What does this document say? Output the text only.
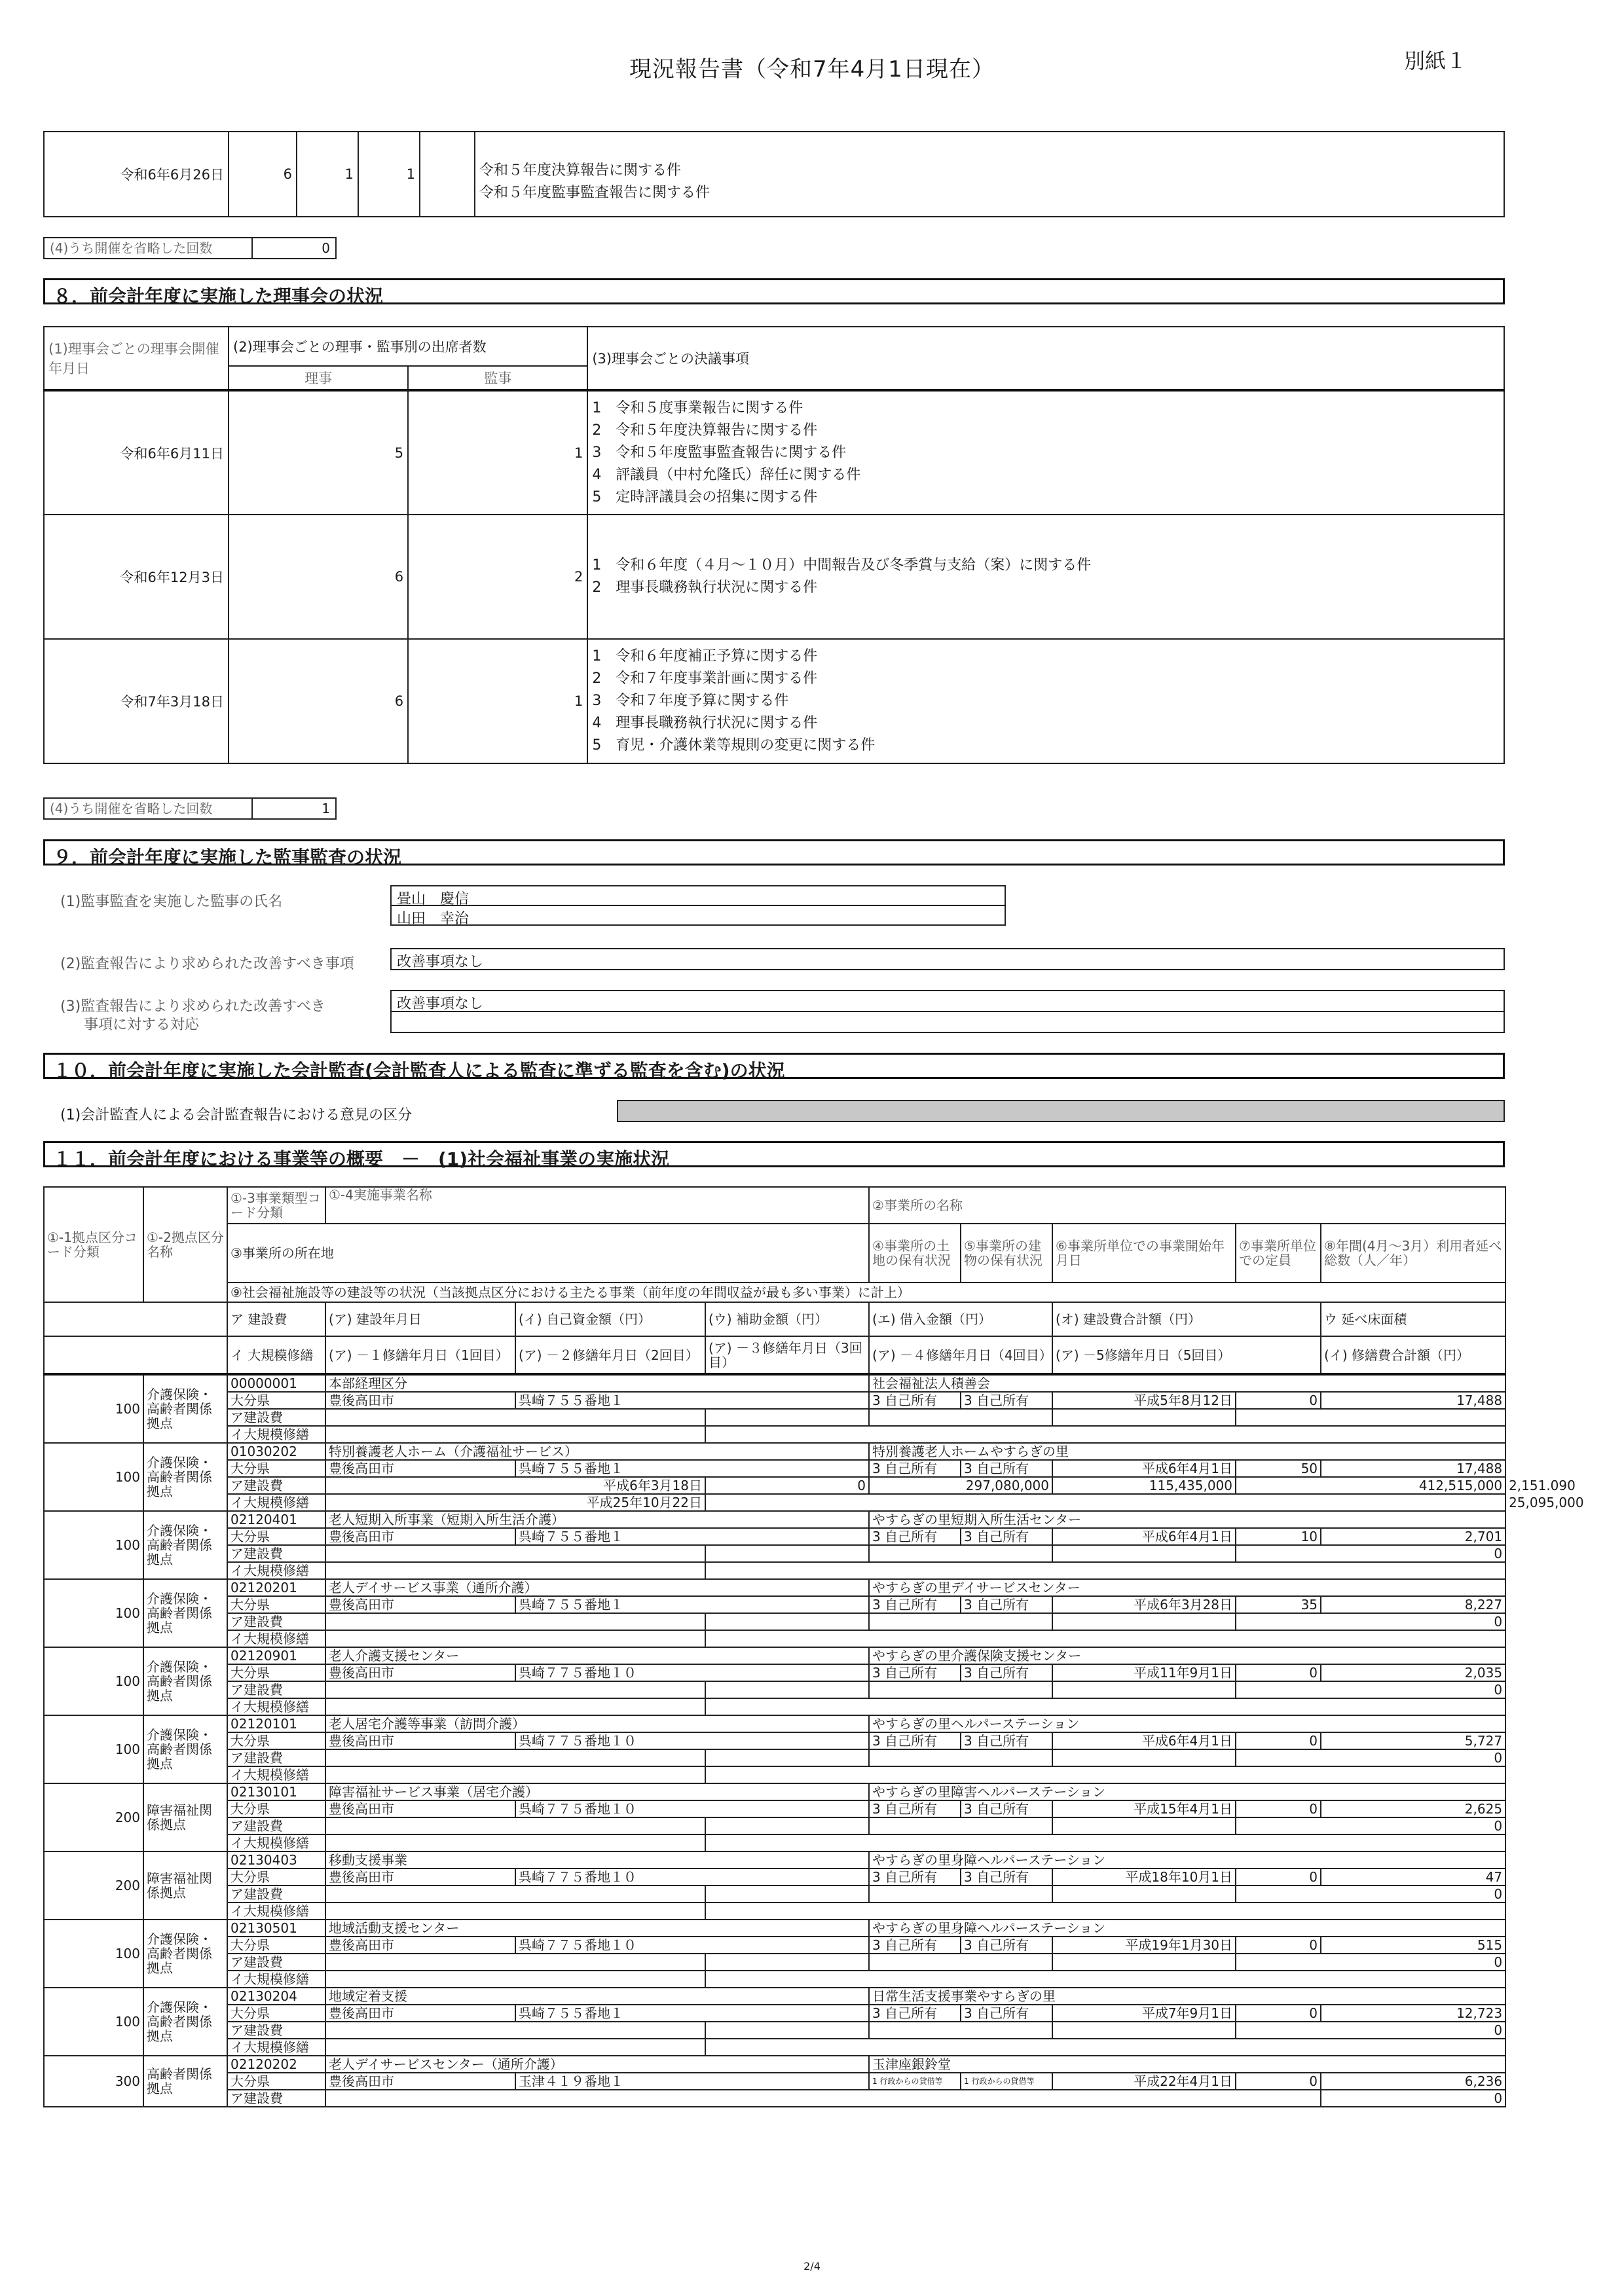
現況報告書（令和7年4月1日現在）	別紙１
令和6年6月26日	6	1	1		令和５年度決算報告に関する件
令和５年度監事監査報告に関する件
(4)うち開催を省略した回数	0
８．前会計年度に実施した理事会の状況
(1)理事会ごとの理事会開催年月日	(2)理事会ごとの理事・監事別の出席者数		(3)理事会ごとの決議事項
	理事	監事	
令和6年6月11日	5	1	1　令和５度事業報告に関する件
2　令和５年度決算報告に関する件
3　令和５年度監事監査報告に関する件
4　評議員（中村允隆氏）辞任に関する件
5　定時評議員会の招集に関する件

令和6年12月3日	6	2	1　令和６年度（４月～１０月）中間報告及び冬季賞与支給（案）に関する件
2　理事長職務執行状況に関する件

令和7年3月18日	6	1	1　令和６年度補正予算に関する件
2　令和７年度事業計画に関する件
3　令和７年度予算に関する件
4　理事長職務執行状況に関する件
5　育児・介護休業等規則の変更に関する件
(4)うち開催を省略した回数	1
９．前会計年度に実施した監事監査の状況
(1)監事監査を実施した監事の氏名	畳山　慶信
山田　幸治
(2)監査報告により求められた改善すべき事項	改善事項なし
(3)監査報告により求められた改善すべき
事項に対する対応
改善事項なし
１０．前会計年度に実施した会計監査(会計監査人による監査に準ずる監査を含む)の状況
(1)会計監査人による会計監査報告における意見の区分
１１．前会計年度における事業等の概要　－　(1)社会福祉事業の実施状況
①-1拠点区分コード分類	①-2拠点区分名称	①-3事業類型コード分類	①-4実施事業名称			②事業所の名称					
		③事業所の所在地				④事業所の土地の保有状況	⑤事業所の建物の保有状況	⑥事業所単位での事業開始年月日	⑦事業所単位での定員	⑧年間(4月～3月）利用者延べ総数（人／年）	
		⑨社会福祉施設等の建設等の状況（当該拠点区分における主たる事業（前年度の年間収益が最も多い事業）に計上）									
		ア 建設費	(ア) 建設年月日	(イ) 自己資金額（円）	(ウ) 補助金額（円）	(エ) 借入金額（円）		(オ) 建設費合計額（円）		ウ 延べ床面積	
		イ 大規模修繕	(ア) －１修繕年月日（1回目）	(ア) －２修繕年月日（2回目）	(ア) －３修繕年月日（3回目）	(ア) －４修繕年月日（4回目）		(ア) －5修繕年月日（5回目）		(イ) 修繕費合計額（円）	
100	介護保険・高齢者関係拠点	00000001	本部経理区分			社会福祉法人積善会					
		大分県	豊後高田市	呉崎７５５番地１		3 自己所有	3 自己所有	平成5年8月12日	0	17,488	
		ア建設費									
		イ大規模修繕									
100	介護保険・高齢者関係拠点	01030202	特別養護老人ホーム（介護福祉サービス）			特別養護老人ホームやすらぎの里					
		大分県	豊後高田市	呉崎７５５番地１		3 自己所有	3 自己所有	平成6年4月1日	50	17,488	
		ア建設費	平成6年3月18日		0	297,080,000		115,435,000	412,515,000		2,151.090
		イ大規模修繕	平成25年10月22日								25,095,000
100	介護保険・高齢者関係拠点	02120401	老人短期入所事業（短期入所生活介護）			やすらぎの里短期入所生活センター					
		大分県	豊後高田市	呉崎７５５番地１		3 自己所有	3 自己所有	平成6年4月1日	10	2,701	
		ア建設費							0		
		イ大規模修繕									
100	介護保険・高齢者関係拠点	02120201	老人デイサービス事業（通所介護）			やすらぎの里デイサービスセンター					
		大分県	豊後高田市	呉崎７５５番地１		3 自己所有	3 自己所有	平成6年3月28日	35	8,227	
		ア建設費							0		
		イ大規模修繕									
100	介護保険・高齢者関係拠点	02120901	老人介護支援センター			やすらぎの里介護保険支援センター					
		大分県	豊後高田市	呉崎７７５番地１０		3 自己所有	3 自己所有	平成11年9月1日	0	2,035	
		ア建設費							0		
		イ大規模修繕									
100	介護保険・高齢者関係拠点	02120101	老人居宅介護等事業（訪問介護）			やすらぎの里ヘルパーステーション					
		大分県	豊後高田市	呉崎７７５番地１０		3 自己所有	3 自己所有	平成6年4月1日	0	5,727	
		ア建設費							0		
		イ大規模修繕									
200	障害福祉関係拠点	02130101	障害福祉サービス事業（居宅介護）			やすらぎの里障害ヘルパーステーション					
		大分県	豊後高田市	呉崎７７５番地１０		3 自己所有	3 自己所有	平成15年4月1日	0	2,625	
		ア建設費							0		
		イ大規模修繕									
200	障害福祉関係拠点	02130403	移動支援事業			やすらぎの里身障ヘルパーステーション					
		大分県	豊後高田市	呉崎７７５番地１０		3 自己所有	3 自己所有	平成18年10月1日	0	47	
		ア建設費							0		
		イ大規模修繕									
100	介護保険・高齢者関係拠点	02130501	地域活動支援センター			やすらぎの里身障ヘルパーステーション					
		大分県	豊後高田市	呉崎７７５番地１０		3 自己所有	3 自己所有	平成19年1月30日	0	515	
		ア建設費							0		
		イ大規模修繕									
100	介護保険・高齢者関係拠点	02130204	地域定着支援			日常生活支援事業やすらぎの里					
		大分県	豊後高田市	呉崎７５５番地１		3 自己所有	3 自己所有	平成7年9月1日	0	12,723	
		ア建設費							0		
		イ大規模修繕									
300	高齢者関係拠点	02120202	老人デイサービスセンター（通所介護）			玉津座銀鈴堂					
		大分県	豊後高田市	玉津４１９番地１		1 行政からの貸借等	1 行政からの貸借等	平成22年4月1日	0	6,236	
		ア建設費								0	
2/4
